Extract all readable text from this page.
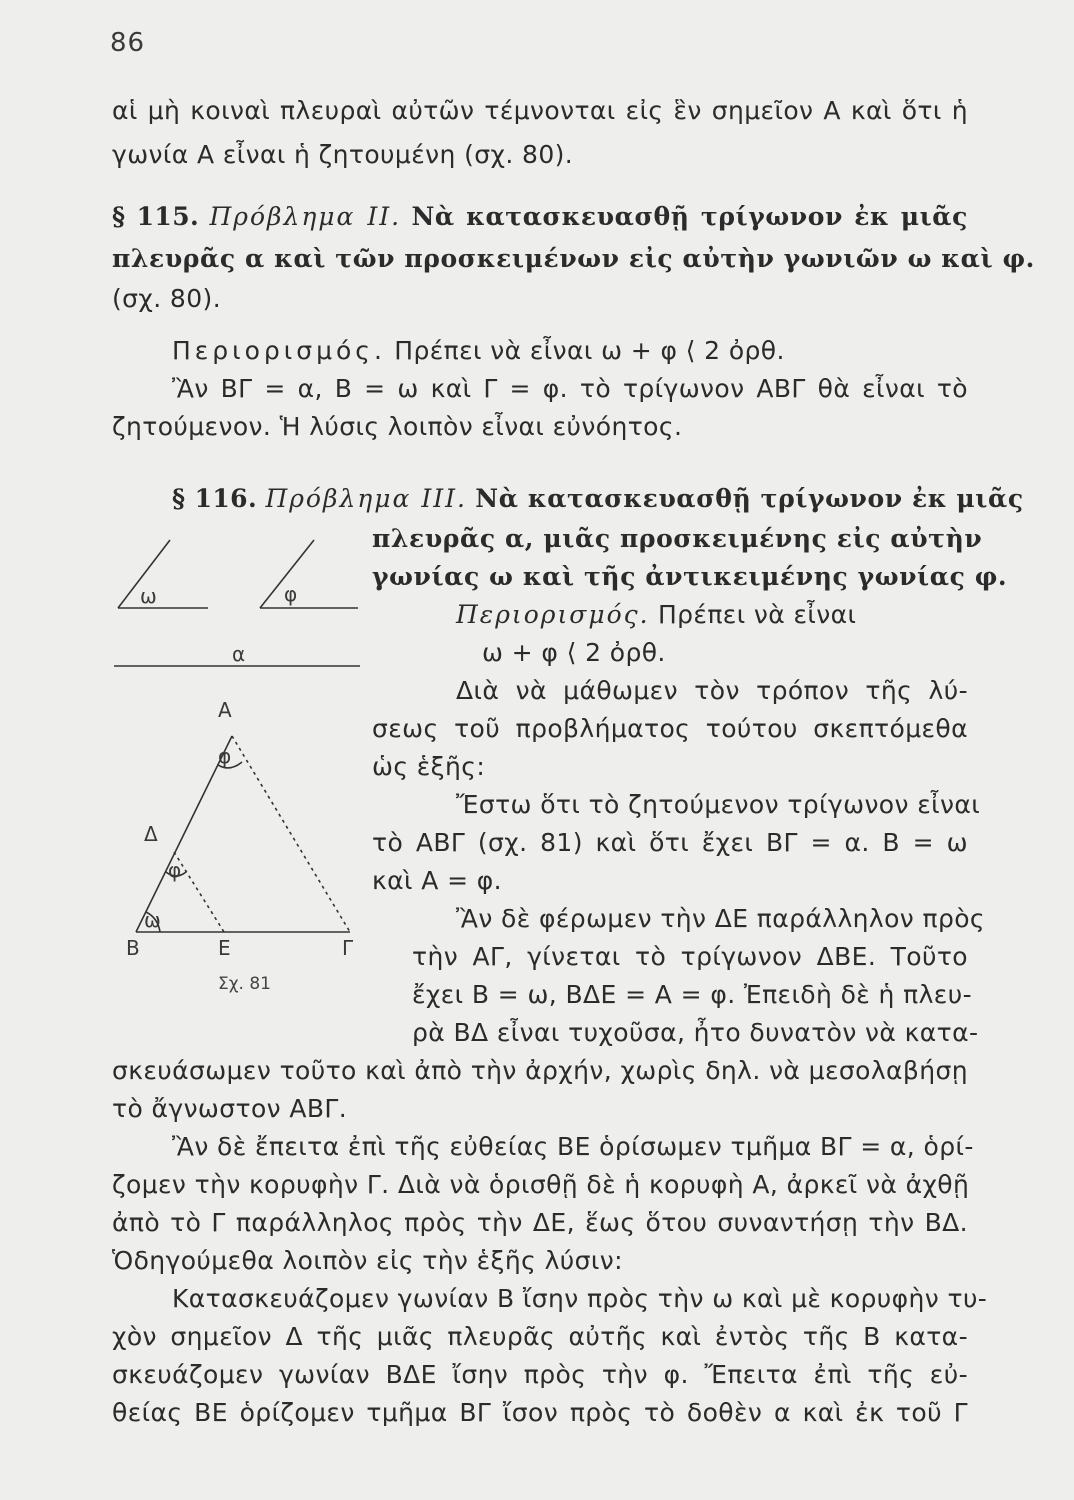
86
αἱ μὴ κοιναὶ πλευραὶ αὐτῶν τέμνονται εἰς ἓν σημεῖον Α καὶ ὅτι ἡ
γωνία Α εἶναι ἡ ζητουμένη (σχ. 80).
§ 115. Πρόβλημα II. Νὰ κατασκευασθῇ τρίγωνον ἐκ μιᾶς
πλευρᾶς α καὶ τῶν προσκειμένων εἰς αὐτὴν γωνιῶν ω καὶ φ.
(σχ. 80).
Περιορισμός. Πρέπει νὰ εἶναι ω + φ ⟨ 2 ὀρθ.
Ἂν ΒΓ = α, Β = ω καὶ Γ = φ. τὸ τρίγωνον ΑΒΓ θὰ εἶναι τὸ
ζητούμενον. Ἡ λύσις λοιπὸν εἶναι εὐνόητος.
§ 116. Πρόβλημα III. Νὰ κατασκευασθῇ τρίγωνον ἐκ μιᾶς
πλευρᾶς α, μιᾶς προσκειμένης εἰς αὐτὴν
γωνίας ω καὶ τῆς ἀντικειμένης γωνίας φ.
Περιορισμός. Πρέπει νὰ εἶναι
ω + φ ⟨ 2 ὀρθ.
Διὰ νὰ μάθωμεν τὸν τρόπον τῆς λύ-
σεως τοῦ προβλήματος τούτου σκεπτόμεθα
ὡς ἑξῆς:
Ἔστω ὅτι τὸ ζητούμενον τρίγωνον εἶναι
τὸ ΑΒΓ (σχ. 81) καὶ ὅτι ἔχει ΒΓ = α. Β = ω
καὶ Α = φ.
Ἂν δὲ φέρωμεν τὴν ΔΕ παράλληλον πρὸς
τὴν ΑΓ, γίνεται τὸ τρίγωνον ΔΒΕ. Τοῦτο
ἔχει Β = ω, ΒΔΕ = Α = φ. Ἐπειδὴ δὲ ἡ πλευ-
ρὰ ΒΔ εἶναι τυχοῦσα, ἦτο δυνατὸν νὰ κατα-
σκευάσωμεν τοῦτο καὶ ἀπὸ τὴν ἀρχήν, χωρὶς δηλ. νὰ μεσολαβήσῃ
τὸ ἄγνωστον ΑΒΓ.
Ἂν δὲ ἔπειτα ἐπὶ τῆς εὐθείας ΒΕ ὁρίσωμεν τμῆμα ΒΓ = α, ὁρί-
ζομεν τὴν κορυφὴν Γ. Διὰ νὰ ὁρισθῇ δὲ ἡ κορυφὴ Α, ἀρκεῖ νὰ ἀχθῇ
ἀπὸ τὸ Γ παράλληλος πρὸς τὴν ΔΕ, ἕως ὅτου συναντήσῃ τὴν ΒΔ.
Ὁδηγούμεθα λοιπὸν εἰς τὴν ἑξῆς λύσιν:
Κατασκευάζομεν γωνίαν Β ἴσην πρὸς τὴν ω καὶ μὲ κορυφὴν τυ-
χὸν σημεῖον Δ τῆς μιᾶς πλευρᾶς αὐτῆς καὶ ἐντὸς τῆς Β κατα-
σκευάζομεν γωνίαν ΒΔΕ ἴσην πρὸς τὴν φ. Ἔπειτα ἐπὶ τῆς εὐ-
θείας ΒΕ ὁρίζομεν τμῆμα ΒΓ ἴσον πρὸς τὸ δοθὲν α καὶ ἐκ τοῦ Γ
ω	φ
α
Α
φ
Δ
φ
ω
Β	Ε	Γ
Σχ. 81
